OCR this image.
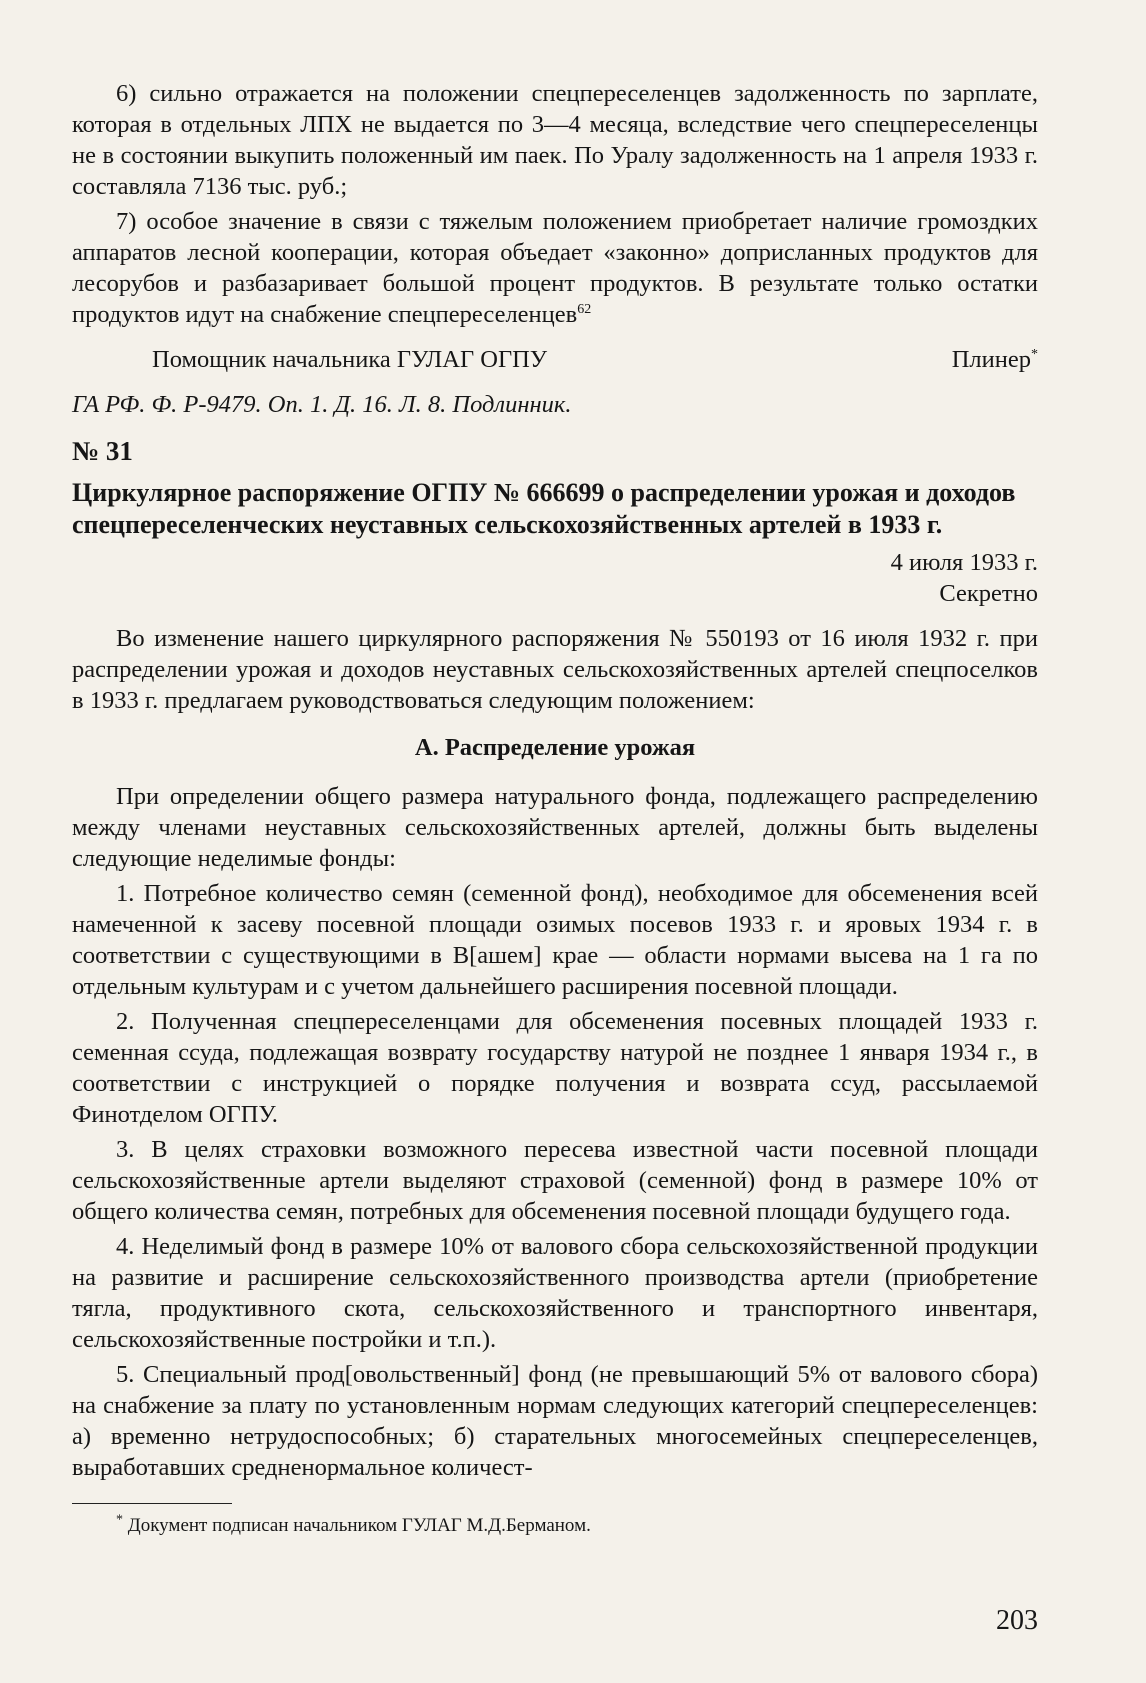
6) сильно отражается на положении спецпереселенцев задолженность по зарплате, которая в отдельных ЛПХ не выдается по 3—4 месяца, вследствие чего спецпереселенцы не в состоянии выкупить положенный им паек. По Уралу задолженность на 1 апреля 1933 г. составляла 7136 тыс. руб.;

7) особое значение в связи с тяжелым положением приобретает наличие громоздких аппаратов лесной кооперации, которая объедает «законно» доприсланных продуктов для лесорубов и разбазаривает большой процент продуктов. В результате только остатки продуктов идут на снабжение спецпереселенцев$^{62}$

Помощник начальника ГУЛАГ ОГПУ	Плинер*

ГА РФ. Ф. Р-9479. Оп. 1. Д. 16. Л. 8. Подлинник.

№ 31

Циркулярное распоряжение ОГПУ № 666699 о распределении урожая и доходов спецпереселенческих неуставных сельскохозяйственных артелей в 1933 г.

4 июля 1933 г.

Секретно

Во изменение нашего циркулярного распоряжения № 550193 от 16 июля 1932 г. при распределении урожая и доходов неуставных сельскохозяйственных артелей спецпоселков в 1933 г. предлагаем руководствоваться следующим положением:

А. Распределение урожая

При определении общего размера натурального фонда, подлежащего распределению между членами неуставных сельскохозяйственных артелей, должны быть выделены следующие неделимые фонды:

1. Потребное количество семян (семенной фонд), необходимое для обсеменения всей намеченной к засеву посевной площади озимых посевов 1933 г. и яровых 1934 г. в соответствии с существующими в В[ашем] крае — области нормами высева на 1 га по отдельным культурам и с учетом дальнейшего расширения посевной площади.

2. Полученная спецпереселенцами для обсеменения посевных площадей 1933 г. семенная ссуда, подлежащая возврату государству натурой не позднее 1 января 1934 г., в соответствии с инструкцией о порядке получения и возврата ссуд, рассылаемой Финотделом ОГПУ.

3. В целях страховки возможного пересева известной части посевной площади сельскохозяйственные артели выделяют страховой (семенной) фонд в размере 10% от общего количества семян, потребных для обсеменения посевной площади будущего года.

4. Неделимый фонд в размере 10% от валового сбора сельскохозяйственной продукции на развитие и расширение сельскохозяйственного производства артели (приобретение тягла, продуктивного скота, сельскохозяйственного и транспортного инвентаря, сельскохозяйственные постройки и т.п.).

5. Специальный прод[овольственный] фонд (не превышающий 5% от валового сбора) на снабжение за плату по установленным нормам следующих категорий спецпереселенцев: а) временно нетрудоспособных; б) старательных многосемейных спецпереселенцев, выработавших средненормальное количест-

* Документ подписан начальником ГУЛАГ М.Д.Берманом.

203
